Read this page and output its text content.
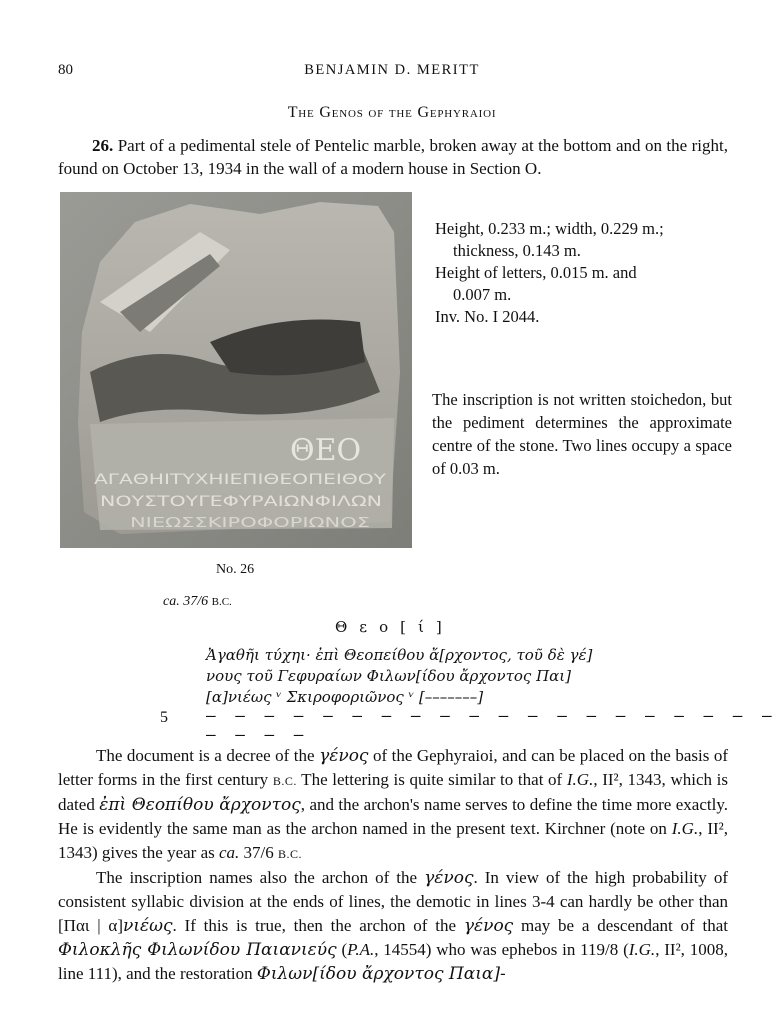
80	BENJAMIN D. MERITT
The Genos of the Gephyraioi
26. Part of a pedimental stele of Pentelic marble, broken away at the bottom and on the right, found on October 13, 1934 in the wall of a modern house in Section O.
ΘΕΟ
ΑΓΑΘΗΙΤΥΧΗΙΕΠΙΘΕΟΠΕΙΘΟΥ
ΝΟΥΣΤΟΥΓΕΦΥΡΑΙΩΝΦΙΛΩΝ
ΝΙΕΩΣΣΚΙΡΟΦΟΡΙΩΝΟΣ
No. 26

Height, 0.233 m.; width, 0.229 m.;

thickness, 0.143 m.

Height of letters, 0.015 m. and

0.007 m.

Inv. No. I 2044.

The inscription is not written stoichedon, but the pediment determines the approximate centre of the stone. Two lines occupy a space of 0.03 m.
ca. 37/6 B.C.
Θεο[ί]
Ἀγαθῆι τύχηι· ἐπὶ Θεοπείθου ἄ[ρχοντος, τοῦ δὲ γέ]
νους τοῦ Γεφυραίων Φιλων[ίδου ἄρχοντος Παι]
[α]νιέως ᵛ Σκιροφοριῶνος ᵛ [–––––––]
5 – – – – – – – – – – – – – – – – – – – – – – – –

The document is a decree of the γένος of the Gephyraioi, and can be placed on the basis of letter forms in the first century B.C. The lettering is quite similar to that of I.G., II², 1343, which is dated ἐπὶ Θεοπίθου ἄρχοντος, and the archon's name serves to define the time more exactly. He is evidently the same man as the archon named in the present text. Kirchner (note on I.G., II², 1343) gives the year as ca. 37/6 B.C.

The inscription names also the archon of the γένος. In view of the high probability of consistent syllabic division at the ends of lines, the demotic in lines 3-4 can hardly be other than [Παι | α]νιέως. If this is true, then the archon of the γένος may be a descendant of that Φιλοκλῆς Φιλωνίδου Παιανιεύς (P.A., 14554) who was ephebos in 119/8 (I.G., II², 1008, line 111), and the restoration Φιλων[ίδου ἄρχοντος Παια]-
